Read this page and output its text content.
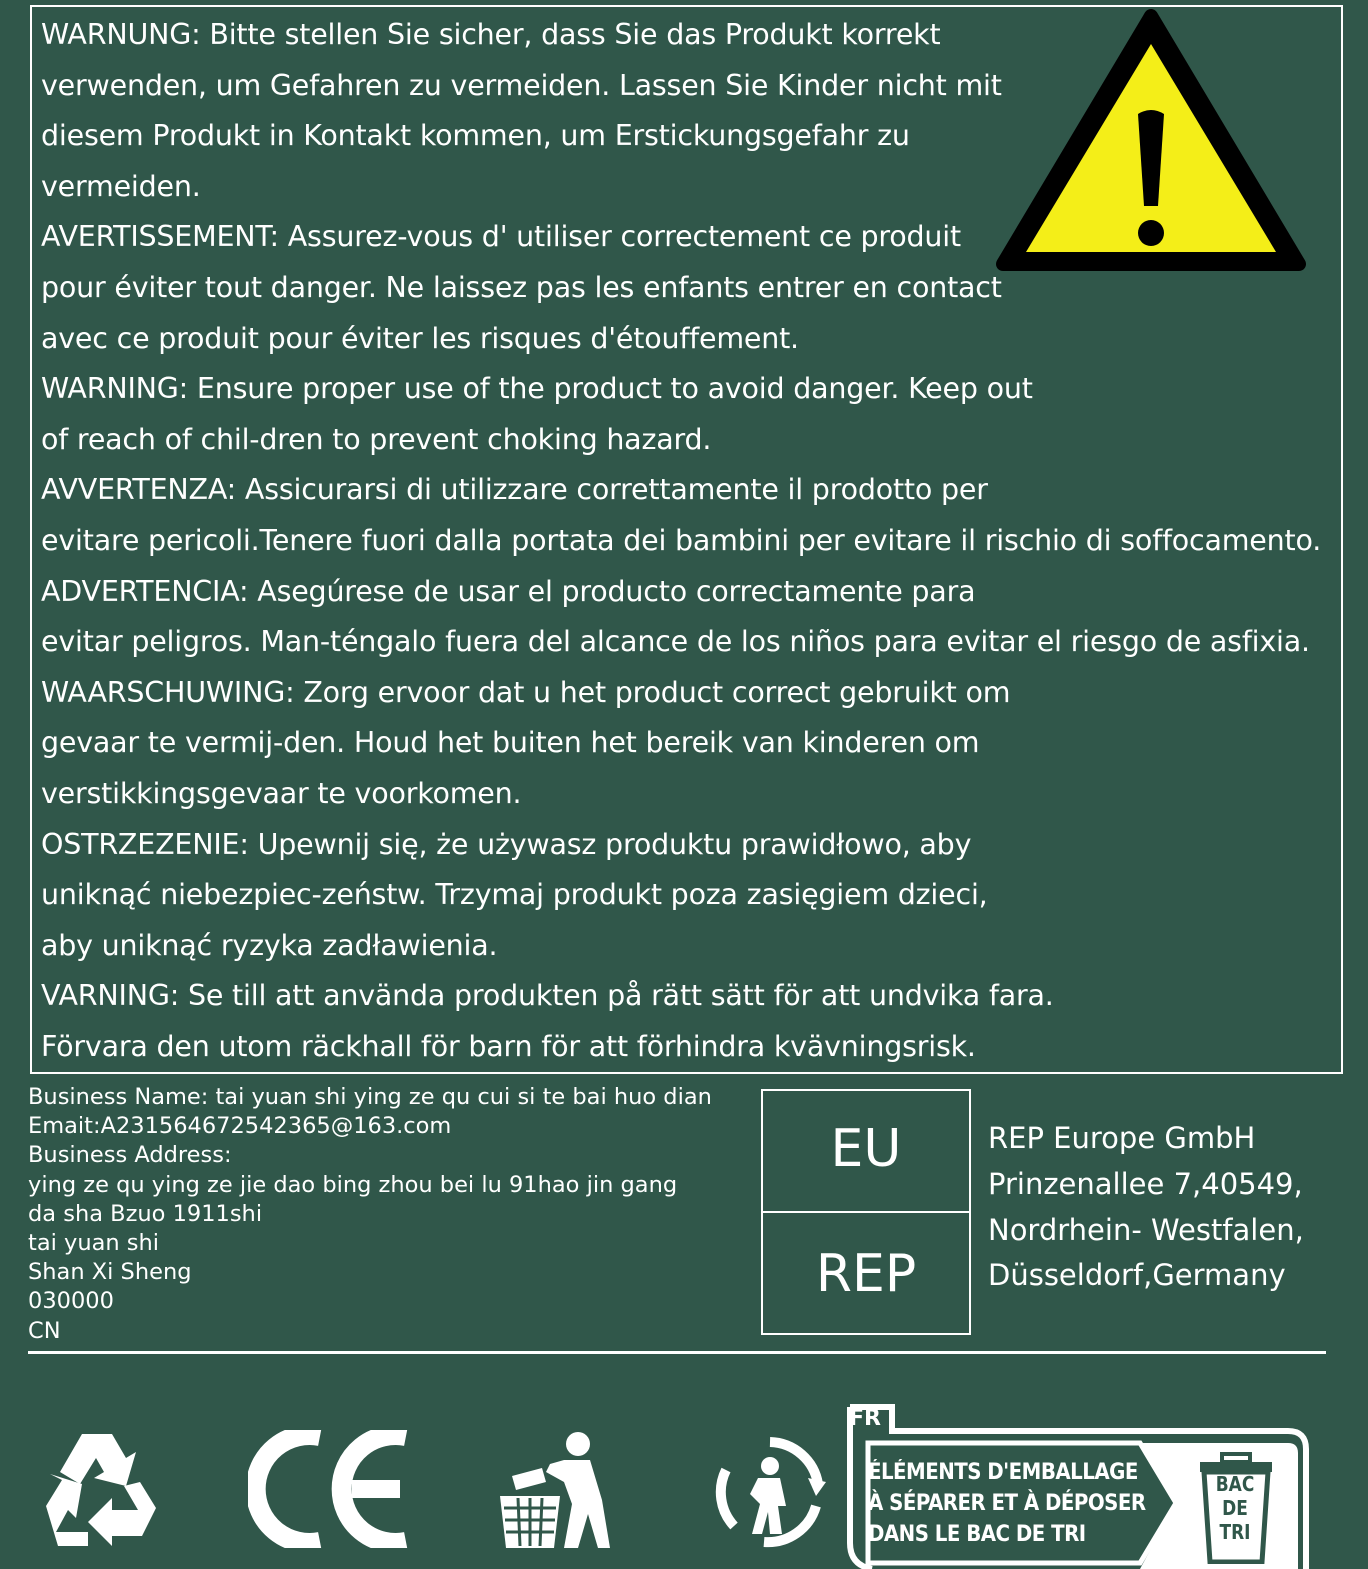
WARNUNG: Bitte stellen Sie sicher, dass Sie das Produkt korrekt
verwenden, um Gefahren zu vermeiden. Lassen Sie Kinder nicht mit
diesem Produkt in Kontakt kommen, um Erstickungsgefahr zu
vermeiden.
AVERTISSEMENT: Assurez-vous d' utiliser correctement ce produit
pour éviter tout danger. Ne laissez pas les enfants entrer en contact
avec ce produit pour éviter les risques d'étouffement.
WARNING: Ensure proper use of the product to avoid danger. Keep out
of reach of chil-dren to prevent choking hazard.
AVVERTENZA: Assicurarsi di utilizzare correttamente il prodotto per
evitare pericoli.Tenere fuori dalla portata dei bambini per evitare il rischio di soffocamento.
ADVERTENCIA: Asegúrese de usar el producto correctamente para
evitar peligros. Man-téngalo fuera del alcance de los niños para evitar el riesgo de asfixia.
WAARSCHUWING: Zorg ervoor dat u het product correct gebruikt om
gevaar te vermij-den. Houd het buiten het bereik van kinderen om
verstikkingsgevaar te voorkomen.
OSTRZEZENIE: Upewnij się, że używasz produktu prawidłowo, aby
uniknąć niebezpiec-zeństw. Trzymaj produkt poza zasięgiem dzieci,
aby uniknąć ryzyka zadławienia.
VARNING: Se till att använda produkten på rätt sätt för att undvika fara.
Förvara den utom räckhall för barn för att förhindra kvävningsrisk.
Business Name: tai yuan shi ying ze qu cui si te bai huo dian
Emait:A231564672542365@163.com
Business Address:
ying ze qu ying ze jie dao bing zhou bei lu 91hao jin gang
da sha Bzuo 1911shi
tai yuan shi
Shan Xi Sheng
030000
CN
EU
REP
REP Europe GmbH
Prinzenallee 7,40549,
Nordrhein- Westfalen,
Düsseldorf,Germany
FR
ÉLÉMENTS D'EMBALLAGE
À SÉPARER ET À DÉPOSER
DANS LE BAC DE TRI
BAC
DE
TRI
